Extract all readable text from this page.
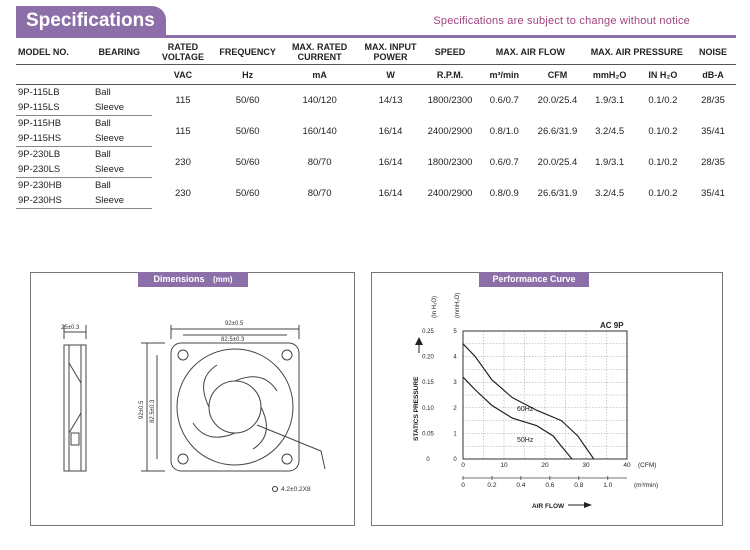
Specifications	Specifications are subject to change without notice
MODEL NO.	BEARING	RATED VOLTAGE	FREQUENCY	MAX. RATED CURRENT	MAX. INPUT POWER	SPEED	MAX. AIR FLOW		MAX. AIR PRESSURE		NOISE
		VAC	Hz	mA	W	R.P.M.	m³/min	CFM	mmH₂O	IN H₂O	dB-A
9P-115LB	Ball	115	50/60	140/120	14/13	1800/2300	0.6/0.7	20.0/25.4	1.9/3.1	0.1/0.2	28/35
9P-115LS	Sleeve										
9P-115HB	Ball	115	50/60	160/140	16/14	2400/2900	0.8/1.0	26.6/31.9	3.2/4.5	0.1/0.2	35/41
9P-115HS	Sleeve										
9P-230LB	Ball	230	50/60	80/70	16/14	1800/2300	0.6/0.7	20.0/25.4	1.9/3.1	0.1/0.2	28/35
9P-230LS	Sleeve										
9P-230HB	Ball	230	50/60	80/70	16/14	2400/2900	0.8/0.9	26.6/31.9	3.2/4.5	0.1/0.2	35/41
9P-230HS	Sleeve										
Dimensions (mm)
25±0.3
92±0.5
82.5±0.3
92±0.5 82.5±0.3
4.2±0.2X8
Performance Curve
AC 9P
60Hz
50Hz
0.25
0.20
0.15
0.10
0.05
0
5
4
3
2
1
0
0	10	20	30	40
0	0.2	0.4	0.6	0.8	1.0
STATICS PRESSURE
(In H₂O)	(mmH₂O)
(CFM)
(m³/min)
AIR FLOW
